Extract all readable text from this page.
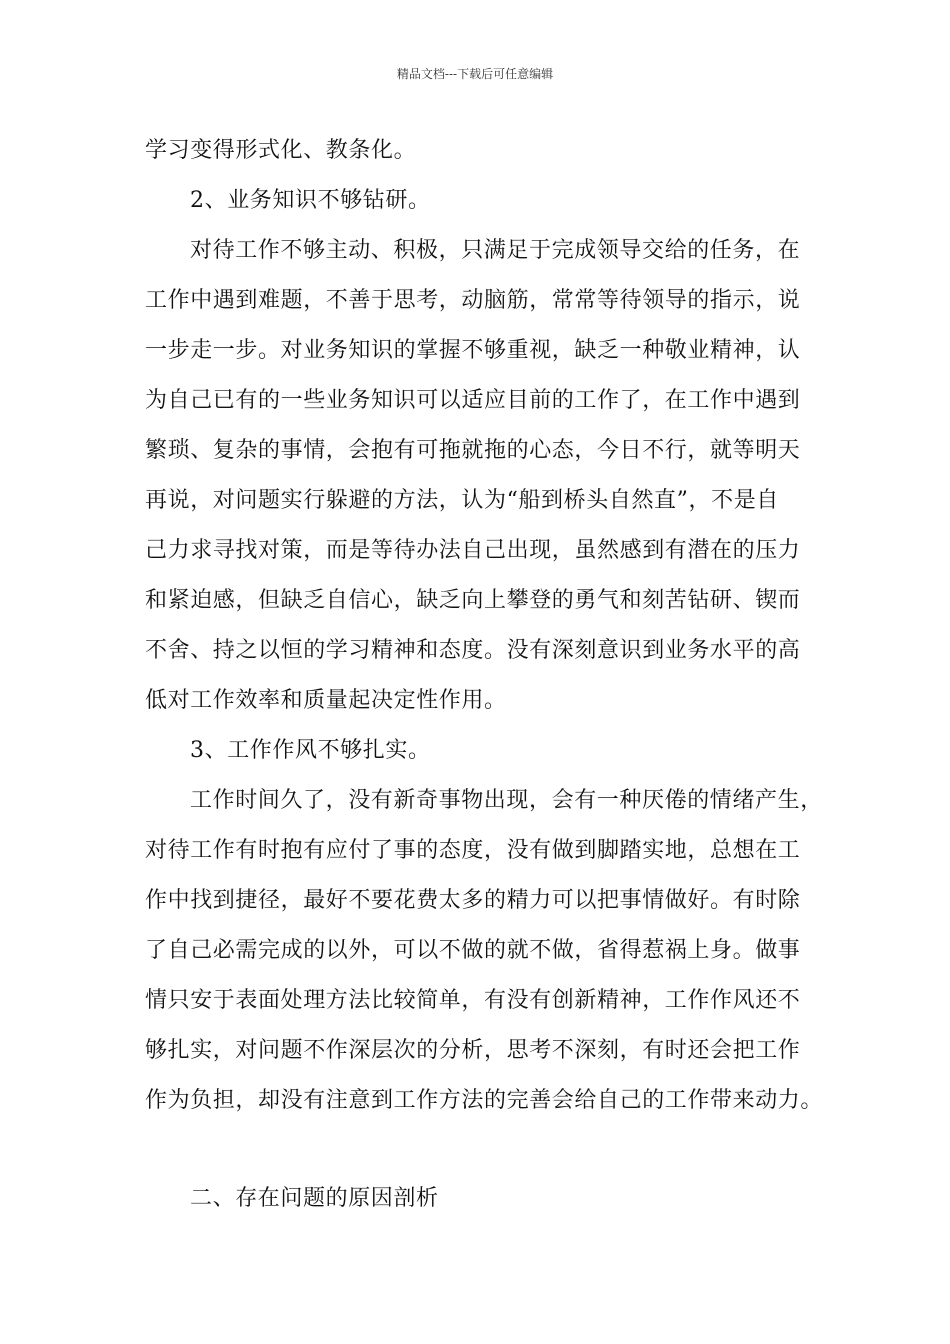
精品文档---下载后可任意编辑
学习变得形式化、教条化。
2、业务知识不够钻研。
对待工作不够主动、积极，只满足于完成领导交给的任务，在
工作中遇到难题，不善于思考，动脑筋，常常等待领导的指示，说
一步走一步。对业务知识的掌握不够重视，缺乏一种敬业精神，认
为自己已有的一些业务知识可以适应目前的工作了，在工作中遇到
繁琐、复杂的事情，会抱有可拖就拖的心态，今日不行，就等明天
再说，对问题实行躲避的方法，认为“船到桥头自然直”，不是自
己力求寻找对策，而是等待办法自己出现，虽然感到有潜在的压力
和紧迫感，但缺乏自信心，缺乏向上攀登的勇气和刻苦钻研、锲而
不舍、持之以恒的学习精神和态度。没有深刻意识到业务水平的高
低对工作效率和质量起决定性作用。
3、工作作风不够扎实。
工作时间久了，没有新奇事物出现，会有一种厌倦的情绪产生，
对待工作有时抱有应付了事的态度，没有做到脚踏实地，总想在工
作中找到捷径，最好不要花费太多的精力可以把事情做好。有时除
了自己必需完成的以外，可以不做的就不做，省得惹祸上身。做事
情只安于表面处理方法比较简单，有没有创新精神，工作作风还不
够扎实，对问题不作深层次的分析，思考不深刻，有时还会把工作
作为负担，却没有注意到工作方法的完善会给自己的工作带来动力。
二、存在问题的原因剖析
